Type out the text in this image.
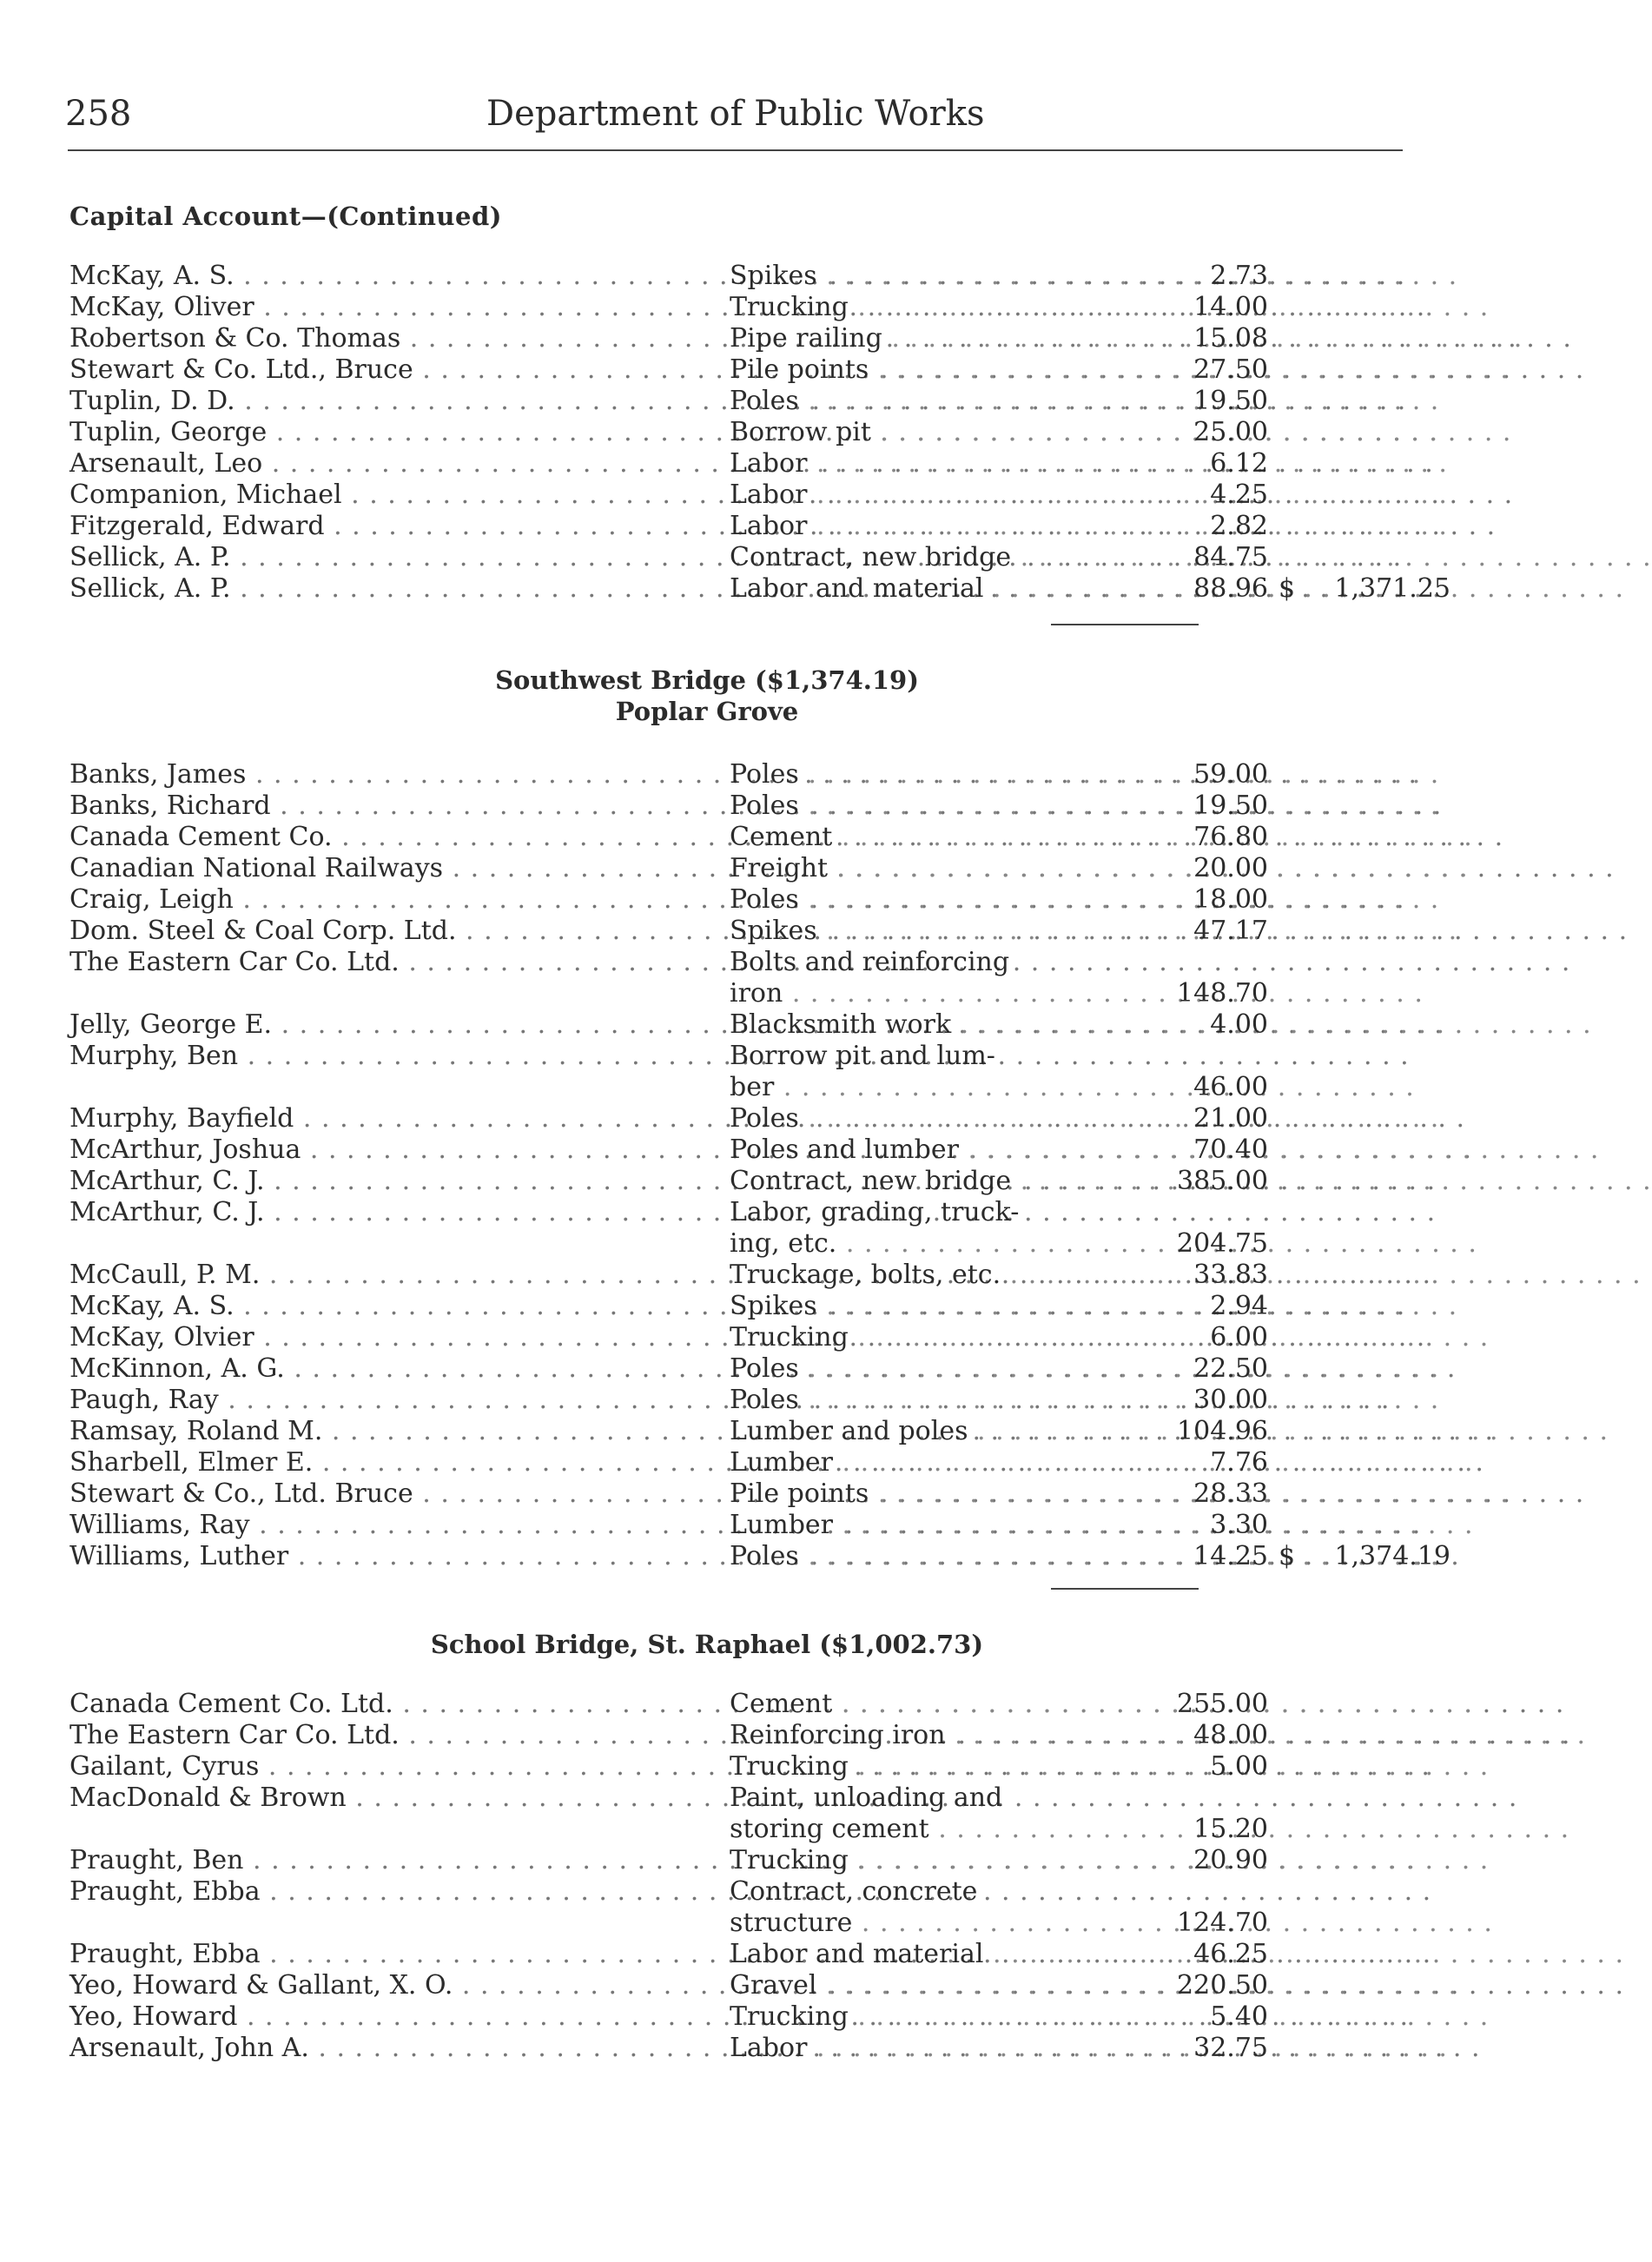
258	Department of Public Works
Capital Account—(Continued)
McKay, A. S. . . .	Spikes . . .	2.73
McKay, Oliver . . .	Trucking . . .	14.00
Robertson & Co. Thomas . . .	Pipe railing . . .	15.08
Stewart & Co. Ltd., Bruce . . .	Pile points . . .	27.50
Tuplin, D. D. . . .	Poles . . .	19.50
Tuplin, George . . .	Borrow pit . . .	25.00
Arsenault, Leo . . .	Labor . . .	6.12
Companion, Michael . . .	Labor . . .	4.25
Fitzgerald, Edward . . .	Labor . . .	2.82
Sellick, A. P. . . .	Contract, new bridge . . .	84.75
Sellick, A. P. . . .	Labor and material . . .	88.96 $	1,371.25
Southwest Bridge ($1,374.19)
Poplar Grove
Banks, James . . .	Poles . . .	59.00
Banks, Richard . . .	Poles . . .	19.50
Canada Cement Co. . . .	Cement . . .	76.80
Canadian National Railways . . .	Freight . . .	20.00
Craig, Leigh . . .	Poles . . .	18.00
Dom. Steel & Coal Corp. Ltd. . . .	Spikes . . .	47.17
The Eastern Car Co. Ltd. . . .	Bolts and reinforcing
iron . . .	148.70
Jelly, George E. . . .	Blacksmith work . . .	4.00
Murphy, Ben . . .	Borrow pit and lum-
ber . . .	46.00
Murphy, Bayfield . . .	Poles . . .	21.00
McArthur, Joshua . . .	Poles and lumber . . .	70.40
McArthur, C. J. . . .	Contract, new bridge . . .	385.00
McArthur, C. J. . . .	Labor, grading, truck-
ing, etc. . . .	204.75
McCaull, P. M. . . .	Truckage, bolts, etc. . . .	33.83
McKay, A. S. . . .	Spikes . . .	2.94
McKay, Olvier . . .	Trucking . . .	6.00
McKinnon, A. G. . . .	Poles . . .	22.50
Paugh, Ray . . .	Poles . . .	30.00
Ramsay, Roland M. . . .	Lumber and poles . . .	104.96
Sharbell, Elmer E. . . .	Lumber . . .	7.76
Stewart & Co., Ltd. Bruce . . .	Pile points . . .	28.33
Williams, Ray . . .	Lumber . . .	3.30
Williams, Luther . . .	Poles . . .	14.25 $	1,374.19
School Bridge, St. Raphael ($1,002.73)
Canada Cement Co. Ltd. . . .	Cement . . .	255.00
The Eastern Car Co. Ltd. . . .	Reinforcing iron . . .	48.00
Gailant, Cyrus . . .	Trucking . . .	5.00
MacDonald & Brown . . .	Paint, unloading and
storing cement . . .	15.20
Praught, Ben . . .	Trucking . . .	20.90
Praught, Ebba . . .	Contract, concrete
structure . . .	124.70
Praught, Ebba . . .	Labor and material . . .	46.25
Yeo, Howard & Gallant, X. O. . . .	Gravel . . .	220.50
Yeo, Howard . . .	Trucking . . .	5.40
Arsenault, John A. . . .	Labor . . .	32.75
